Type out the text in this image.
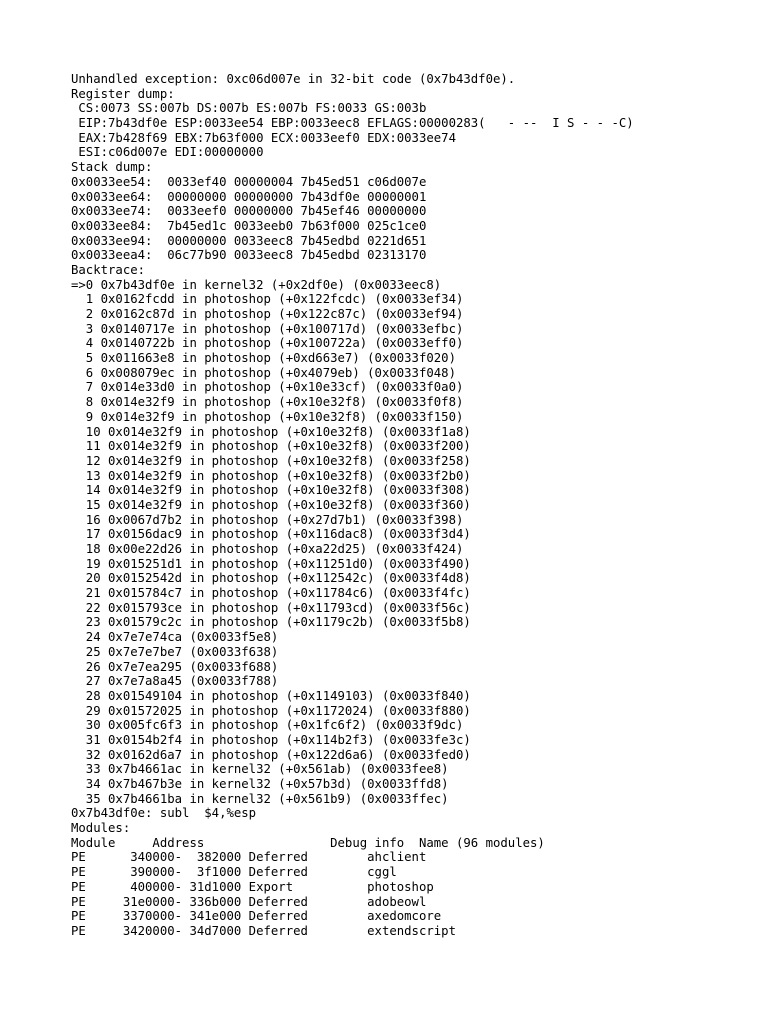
Unhandled exception: 0xc06d007e in 32-bit code (0x7b43df0e).

Register dump:

CS:0073 SS:007b DS:007b ES:007b FS:0033 GS:003b

EIP:7b43df0e ESP:0033ee54 EBP:0033eec8 EFLAGS:00000283(   - --  I S - - -C)

EAX:7b428f69 EBX:7b63f000 ECX:0033eef0 EDX:0033ee74

ESI:c06d007e EDI:00000000

Stack dump:

0x0033ee54:  0033ef40 00000004 7b45ed51 c06d007e

0x0033ee64:  00000000 00000000 7b43df0e 00000001

0x0033ee74:  0033eef0 00000000 7b45ef46 00000000

0x0033ee84:  7b45ed1c 0033eeb0 7b63f000 025c1ce0

0x0033ee94:  00000000 0033eec8 7b45edbd 0221d651

0x0033eea4:  06c77b90 0033eec8 7b45edbd 02313170

Backtrace:

=>0 0x7b43df0e in kernel32 (+0x2df0e) (0x0033eec8)

1 0x0162fcdd in photoshop (+0x122fcdc) (0x0033ef34)

2 0x0162c87d in photoshop (+0x122c87c) (0x0033ef94)

3 0x0140717e in photoshop (+0x100717d) (0x0033efbc)

4 0x0140722b in photoshop (+0x100722a) (0x0033eff0)

5 0x011663e8 in photoshop (+0xd663e7) (0x0033f020)

6 0x008079ec in photoshop (+0x4079eb) (0x0033f048)

7 0x014e33d0 in photoshop (+0x10e33cf) (0x0033f0a0)

8 0x014e32f9 in photoshop (+0x10e32f8) (0x0033f0f8)

9 0x014e32f9 in photoshop (+0x10e32f8) (0x0033f150)

10 0x014e32f9 in photoshop (+0x10e32f8) (0x0033f1a8)

11 0x014e32f9 in photoshop (+0x10e32f8) (0x0033f200)

12 0x014e32f9 in photoshop (+0x10e32f8) (0x0033f258)

13 0x014e32f9 in photoshop (+0x10e32f8) (0x0033f2b0)

14 0x014e32f9 in photoshop (+0x10e32f8) (0x0033f308)

15 0x014e32f9 in photoshop (+0x10e32f8) (0x0033f360)

16 0x0067d7b2 in photoshop (+0x27d7b1) (0x0033f398)

17 0x0156dac9 in photoshop (+0x116dac8) (0x0033f3d4)

18 0x00e22d26 in photoshop (+0xa22d25) (0x0033f424)

19 0x015251d1 in photoshop (+0x11251d0) (0x0033f490)

20 0x0152542d in photoshop (+0x112542c) (0x0033f4d8)

21 0x015784c7 in photoshop (+0x11784c6) (0x0033f4fc)

22 0x015793ce in photoshop (+0x11793cd) (0x0033f56c)

23 0x01579c2c in photoshop (+0x1179c2b) (0x0033f5b8)

24 0x7e7e74ca (0x0033f5e8)

25 0x7e7e7be7 (0x0033f638)

26 0x7e7ea295 (0x0033f688)

27 0x7e7a8a45 (0x0033f788)

28 0x01549104 in photoshop (+0x1149103) (0x0033f840)

29 0x01572025 in photoshop (+0x1172024) (0x0033f880)

30 0x005fc6f3 in photoshop (+0x1fc6f2) (0x0033f9dc)

31 0x0154b2f4 in photoshop (+0x114b2f3) (0x0033fe3c)

32 0x0162d6a7 in photoshop (+0x122d6a6) (0x0033fed0)

33 0x7b4661ac in kernel32 (+0x561ab) (0x0033fee8)

34 0x7b467b3e in kernel32 (+0x57b3d) (0x0033ffd8)

35 0x7b4661ba in kernel32 (+0x561b9) (0x0033ffec)

0x7b43df0e: subl  $4,%esp

Modules:

Module     Address                 Debug info  Name (96 modules)

PE      340000-  382000 Deferred        ahclient

PE      390000-  3f1000 Deferred        cggl

PE      400000- 31d1000 Export          photoshop

PE     31e0000- 336b000 Deferred        adobeowl

PE     3370000- 341e000 Deferred        axedomcore

PE     3420000- 34d7000 Deferred        extendscript
